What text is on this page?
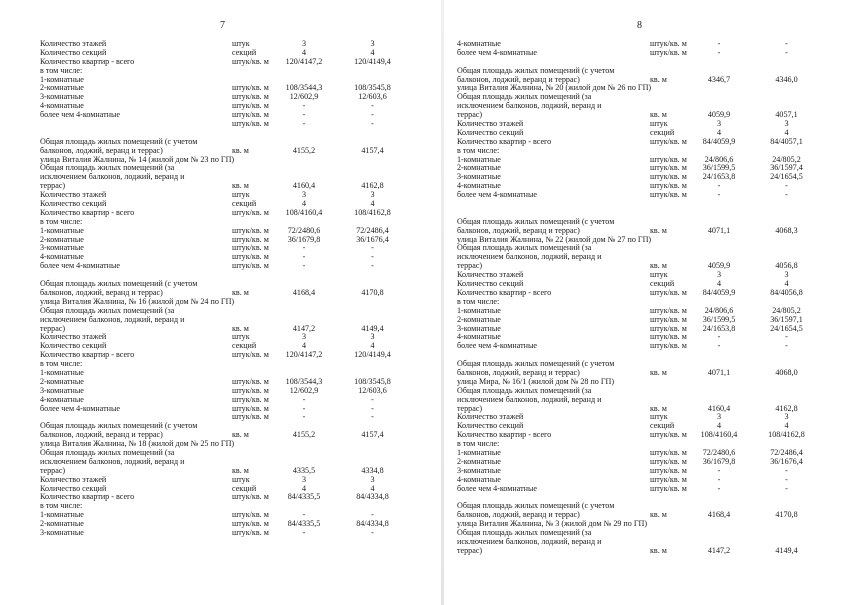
7
Количество этажей	штук	3	3
Количество секций	секций	4	4
Количество квартир - всего	штук/кв. м	120/4147,2	120/4149,4
в том числе:
1-комнатные
2-комнатные	штук/кв. м	108/3544,3	108/3545,8
3-комнатные	штук/кв. м	12/602,9	12/603,6
4-комнатные	штук/кв. м	-	-
более чем 4-комнатные	штук/кв. м	-	-
штук/кв. м	-	-
Общая площадь жилых помещений (с учетом
балконов, лоджий, веранд и террас)	кв. м	4155,2	4157,4
улица Виталия Жалнина, № 14 (жилой дом № 23 по ГП)
Общая площадь жилых помещений (за
исключением балконов, лоджий, веранд и
террас)	кв. м	4160,4	4162,8
Количество этажей	штук	3	3
Количество секций	секций	4	4
Количество квартир - всего	штук/кв. м	108/4160,4	108/4162,8
в том числе:
1-комнатные	штук/кв. м	72/2480,6	72/2486,4
2-комнатные	штук/кв. м	36/1679,8	36/1676,4
3-комнатные	штук/кв. м	-	-
4-комнатные	штук/кв. м	-	-
более чем 4-комнатные	штук/кв. м	-	-
Общая площадь жилых помещений (с учетом
балконов, лоджий, веранд и террас)	кв. м	4168,4	4170,8
улица Виталия Жалнина, № 16 (жилой дом № 24 по ГП)
Общая площадь жилых помещений (за
исключением балконов, лоджий, веранд и
террас)	кв. м	4147,2	4149,4
Количество этажей	штук	3	3
Количество секций	секций	4	4
Количество квартир - всего	штук/кв. м	120/4147,2	120/4149,4
в том числе:
1-комнатные
2-комнатные	штук/кв. м	108/3544,3	108/3545,8
3-комнатные	штук/кв. м	12/602,9	12/603,6
4-комнатные	штук/кв. м	-	-
более чем 4-комнатные	штук/кв. м	-	-
штук/кв. м	-	-
Общая площадь жилых помещений (с учетом
балконов, лоджий, веранд и террас)	кв. м	4155,2	4157,4
улица Виталия Жалнина, № 18 (жилой дом № 25 по ГП)
Общая площадь жилых помещений (за
исключением балконов, лоджий, веранд и
террас)	кв. м	4335,5	4334,8
Количество этажей	штук	3	3
Количество секций	секций	4	4
Количество квартир - всего	штук/кв. м	84/4335,5	84/4334,8
в том числе:
1-комнатные	штук/кв. м	-	-
2-комнатные	штук/кв. м	84/4335,5	84/4334,8
3-комнатные	штук/кв. м	-	-
8
4-комнатные	штук/кв. м	-	-
более чем 4-комнатные	штук/кв. м	-	-
Общая площадь жилых помещений (с учетом
балконов, лоджий, веранд и террас)	кв. м	4346,7	4346,0
улица Виталия Жалнина, № 20 (жилой дом № 26 по ГП)
Общая площадь жилых помещений (за
исключением балконов, лоджий, веранд и
террас)	кв. м	4059,9	4057,1
Количество этажей	штук	3	3
Количество секций	секций	4	4
Количество квартир - всего	штук/кв. м	84/4059,9	84/4057,1
в том числе:
1-комнатные	штук/кв. м	24/806,6	24/805,2
2-комнатные	штук/кв. м	36/1599,5	36/1597,4
3-комнатные	штук/кв. м	24/1653,8	24/1654,5
4-комнатные	штук/кв. м	-	-
более чем 4-комнатные	штук/кв. м	-	-
Общая площадь жилых помещений (с учетом
балконов, лоджий, веранд и террас)	кв. м	4071,1	4068,3
улица Виталия Жалнина, № 22 (жилой дом № 27 по ГП)
Общая площадь жилых помещений (за
исключением балконов, лоджий, веранд и
террас)	кв. м	4059,9	4056,8
Количество этажей	штук	3	3
Количество секций	секций	4	4
Количество квартир - всего	штук/кв. м	84/4059,9	84/4056,8
в том числе:
1-комнатные	штук/кв. м	24/806,6	24/805,2
2-комнатные	штук/кв. м	36/1599,5	36/1597,1
3-комнатные	штук/кв. м	24/1653,8	24/1654,5
4-комнатные	штук/кв. м	-	-
более чем 4-комнатные	штук/кв. м	-	-
Общая площадь жилых помещений (с учетом
балконов, лоджий, веранд и террас)	кв. м	4071,1	4068,0
улица Мира, № 16/1 (жилой дом № 28 по ГП)
Общая площадь жилых помещений (за
исключением балконов, лоджий, веранд и
террас)	кв. м	4160,4	4162,8
Количество этажей	штук	3	3
Количество секций	секций	4	4
Количество квартир - всего	штук/кв. м	108/4160,4	108/4162,8
в том числе:
1-комнатные	штук/кв. м	72/2480,6	72/2486,4
2-комнатные	штук/кв. м	36/1679,8	36/1676,4
3-комнатные	штук/кв. м	-	-
4-комнатные	штук/кв. м	-	-
более чем 4-комнатные	штук/кв. м	-	-
Общая площадь жилых помещений (с учетом
балконов, лоджий, веранд и террас)	кв. м	4168,4	4170,8
улица Виталия Жалнина, № 3 (жилой дом № 29 по ГП)
Общая площадь жилых помещений (за
исключением балконов, лоджий, веранд и
террас)	кв. м	4147,2	4149,4
